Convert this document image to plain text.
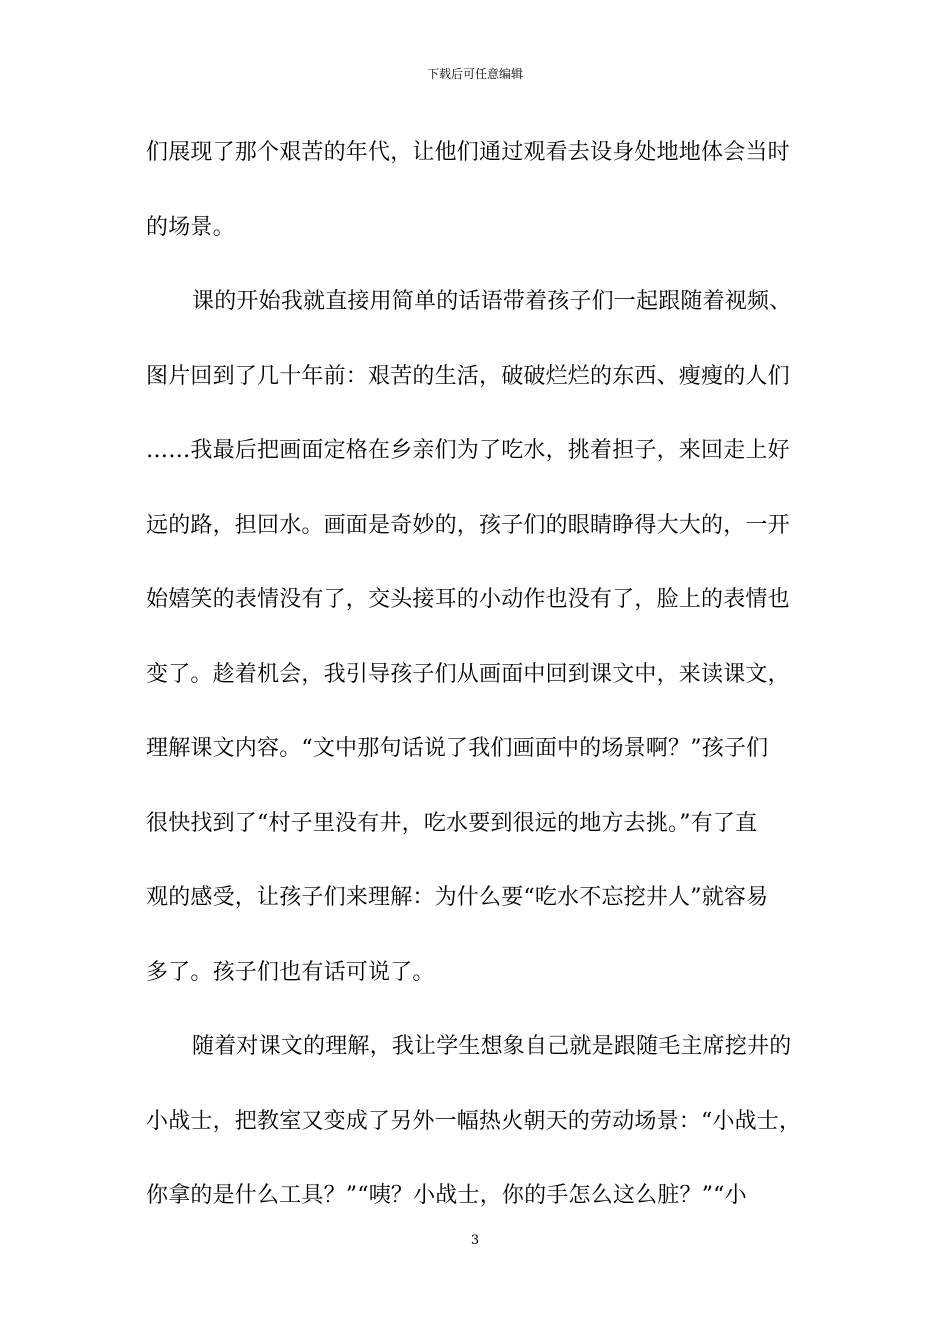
下载后可任意编辑
们展现了那个艰苦的年代，让他们通过观看去设身处地地体会当时
的场景。
课的开始我就直接用简单的话语带着孩子们一起跟随着视频、
图片回到了几十年前：艰苦的生活，破破烂烂的东西、瘦瘦的人们
……我最后把画面定格在乡亲们为了吃水，挑着担子，来回走上好
远的路，担回水。画面是奇妙的，孩子们的眼睛睁得大大的，一开
始嬉笑的表情没有了，交头接耳的小动作也没有了，脸上的表情也
变了。趁着机会，我引导孩子们从画面中回到课文中，来读课文，
理解课文内容。“文中那句话说了我们画面中的场景啊？”孩子们
很快找到了“村子里没有井，吃水要到很远的地方去挑。”有了直
观的感受，让孩子们来理解：为什么要“吃水不忘挖井人”就容易
多了。孩子们也有话可说了。
随着对课文的理解，我让学生想象自己就是跟随毛主席挖井的
小战士，把教室又变成了另外一幅热火朝天的劳动场景：“小战士，
你拿的是什么工具？”“咦？小战士，你的手怎么这么脏？”“小
3
